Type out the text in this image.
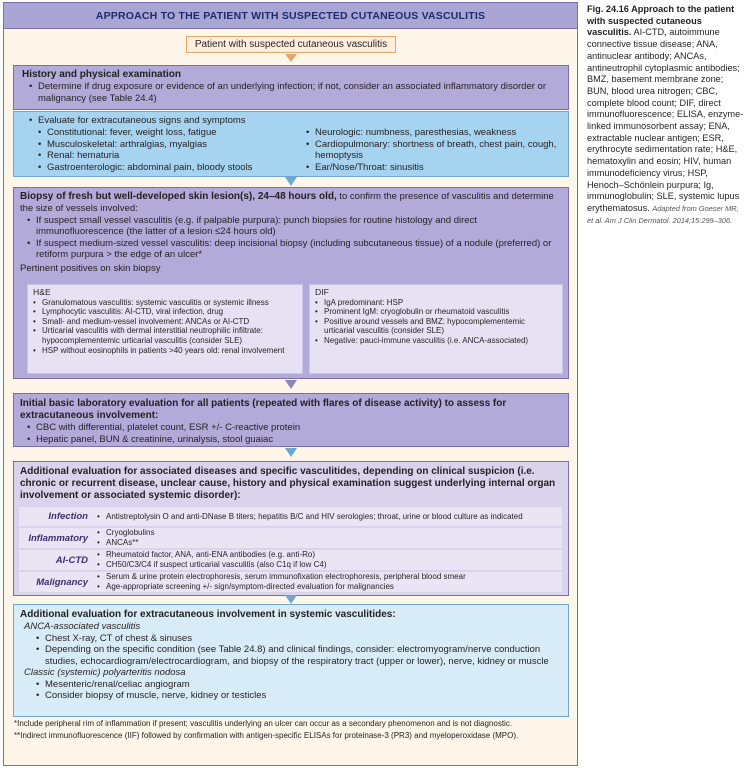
APPROACH TO THE PATIENT WITH SUSPECTED CUTANEOUS VASCULITIS
Patient with suspected cutaneous vasculitis
History and physical examination
• Determine if drug exposure or evidence of an underlying infection; if not, consider an associated inflammatory disorder or malignancy (see Table 24.4)
• Evaluate for extracutaneous signs and symptoms
• Constitutional: fever, weight loss, fatigue
• Musculoskeletal: arthralgias, myalgias
• Renal: hematuria
• Gastroenterologic: abdominal pain, bloody stools
• Neurologic: numbness, paresthesias, weakness
• Cardiopulmonary: shortness of breath, chest pain, cough, hemoptysis
• Ear/Nose/Throat: sinusitis
Biopsy of fresh but well-developed skin lesion(s), 24–48 hours old, to confirm the presence of vasculitis and determine the size of vessels involved:
• If suspect small vessel vasculitis (e.g. if palpable purpura): punch biopsies for routine histology and direct immunofluorescence (the latter of a lesion ≤24 hours old)
• If suspect medium-sized vessel vasculitis: deep incisional biopsy (including subcutaneous tissue) of a nodule (preferred) or retiform purpura > the edge of an ulcer*
Pertinent positives on skin biopsy
H&E
• Granulomatous vasculitis: systemic vasculitis or systemic illness
• Lymphocytic vasculitis: AI-CTD, viral infection, drug
• Small- and medium-vessel involvement: ANCAs or AI-CTD
• Urticarial vasculitis with dermal interstitial neutrophilic infiltrate: hypocomplementemic urticarial vasculitis (consider SLE)
• HSP without eosinophils in patients >40 years old: renal involvement
DIF
• IgA predominant: HSP
• Prominent IgM: cryoglobulin or rheumatoid vasculitis
• Positive around vessels and BMZ: hypocomplementemic urticarial vasculitis (consider SLE)
• Negative: pauci-immune vasculitis (i.e. ANCA-associated)
Initial basic laboratory evaluation for all patients (repeated with flares of disease activity) to assess for extracutaneous involvement:
• CBC with differential, platelet count, ESR +/- C-reactive protein
• Hepatic panel, BUN & creatinine, urinalysis, stool guaiac
Additional evaluation for associated diseases and specific vasculitides, depending on clinical suspicion (i.e. chronic or recurrent disease, unclear cause, history and physical examination suggest underlying internal organ involvement or associated systemic disorder):
Infection	• Antistreptolysin O and anti-DNase B titers; hepatitis B/C and HIV serologies; throat, urine or blood culture as indicated
Inflammatory	• Cryoglobulins
• ANCAs**
AI-CTD	• Rheumatoid factor, ANA, anti-ENA antibodies (e.g. anti-Ro)
• CH50/C3/C4 if suspect urticarial vasculitis (also C1q if low C4)
Malignancy	• Serum & urine protein electrophoresis, serum immunofixation electrophoresis, peripheral blood smear
• Age-appropriate screening +/- sign/symptom-directed evaluation for malignancies
Additional evaluation for extracutaneous involvement in systemic vasculitides:
ANCA-associated vasculitis
• Chest X-ray, CT of chest & sinuses
• Depending on the specific condition (see Table 24.8) and clinical findings, consider: electromyogram/nerve conduction studies, echocardiogram/electrocardiogram, and biopsy of the respiratory tract (upper or lower), nerve, kidney or muscle
Classic (systemic) polyarteritis nodosa
• Mesenteric/renal/celiac angiogram
• Consider biopsy of muscle, nerve, kidney or testicles
*Include peripheral rim of inflammation if present; vasculitis underlying an ulcer can occur as a secondary phenomenon and is not diagnostic.
**Indirect immunofluorescence (IIF) followed by confirmation with antigen-specific ELISAs for proteinase-3 (PR3) and myeloperoxidase (MPO).
Fig. 24.16 Approach to the patient with suspected cutaneous vasculitis. AI-CTD, autoimmune connective tissue disease; ANA, antinuclear antibody; ANCAs, antineutrophil cytoplasmic antibodies; BMZ, basement membrane zone; BUN, blood urea nitrogen; CBC, complete blood count; DIF, direct immunofluorescence; ELISA, enzyme-linked immunosorbent assay; ENA, extractable nuclear antigen; ESR, erythrocyte sedimentation rate; H&E, hematoxylin and eosin; HIV, human immunodeficiency virus; HSP, Henoch–Schönlein purpura; Ig, immunoglobulin; SLE, systemic lupus erythematosus. Adapted from Goeser MR, et al. Am J Clin Dermatol. 2014;15:299–306.
